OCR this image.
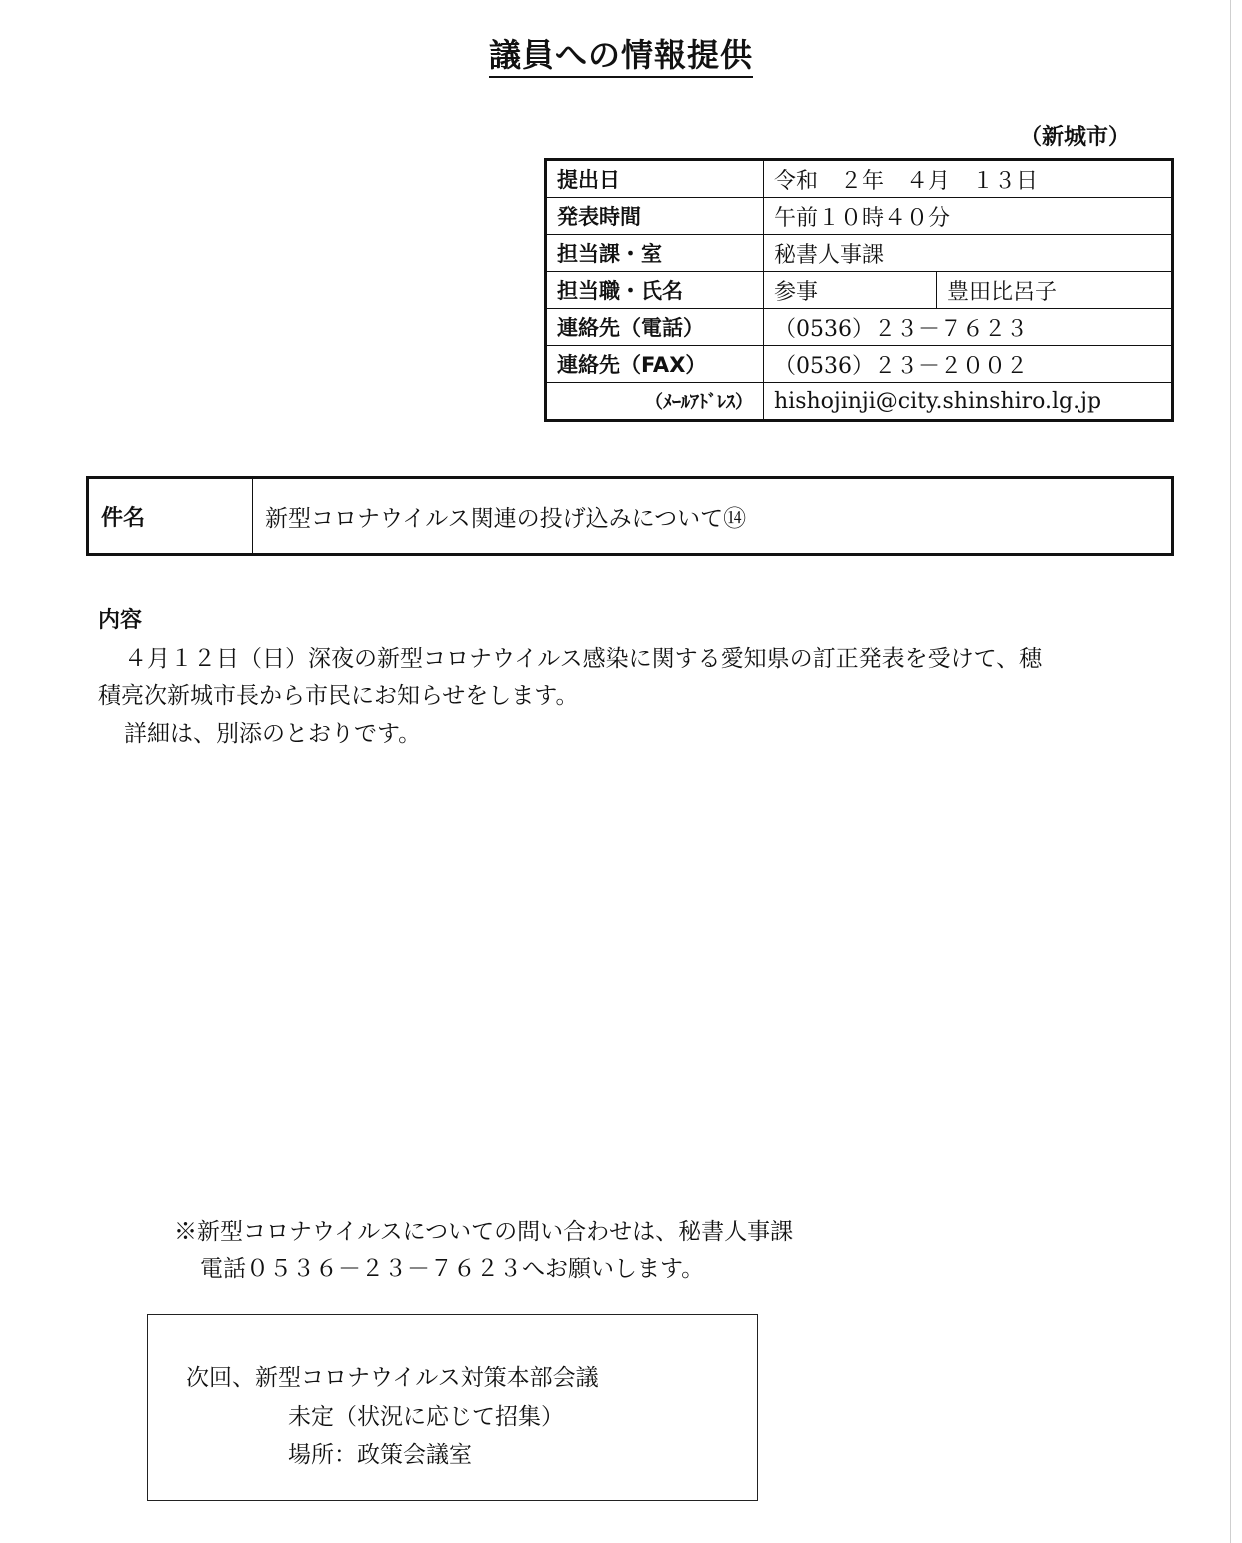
議員への情報提供
（新城市）
提出日	令和　２年　４月　１３日	
発表時間	午前１０時４０分	
担当課・室	秘書人事課	
担当職・氏名	参事	豊田比呂子
連絡先（電話）	（0536）２３－７６２３	
連絡先（FAX）	（0536）２３－２００２	
（ﾒｰﾙｱﾄﾞﾚｽ）	hishojinji@city.shinshiro.lg.jp	
件名	新型コロナウイルス関連の投げ込みについて⑭
内容
４月１２日（日）深夜の新型コロナウイルス感染に関する愛知県の訂正発表を受けて、穂
積亮次新城市長から市民にお知らせをします。
詳細は、別添のとおりです。
※新型コロナウイルスについての問い合わせは、秘書人事課
電話０５３６－２３－７６２３へお願いします。
次回、新型コロナウイルス対策本部会議
未定（状況に応じて招集）
場所：政策会議室
